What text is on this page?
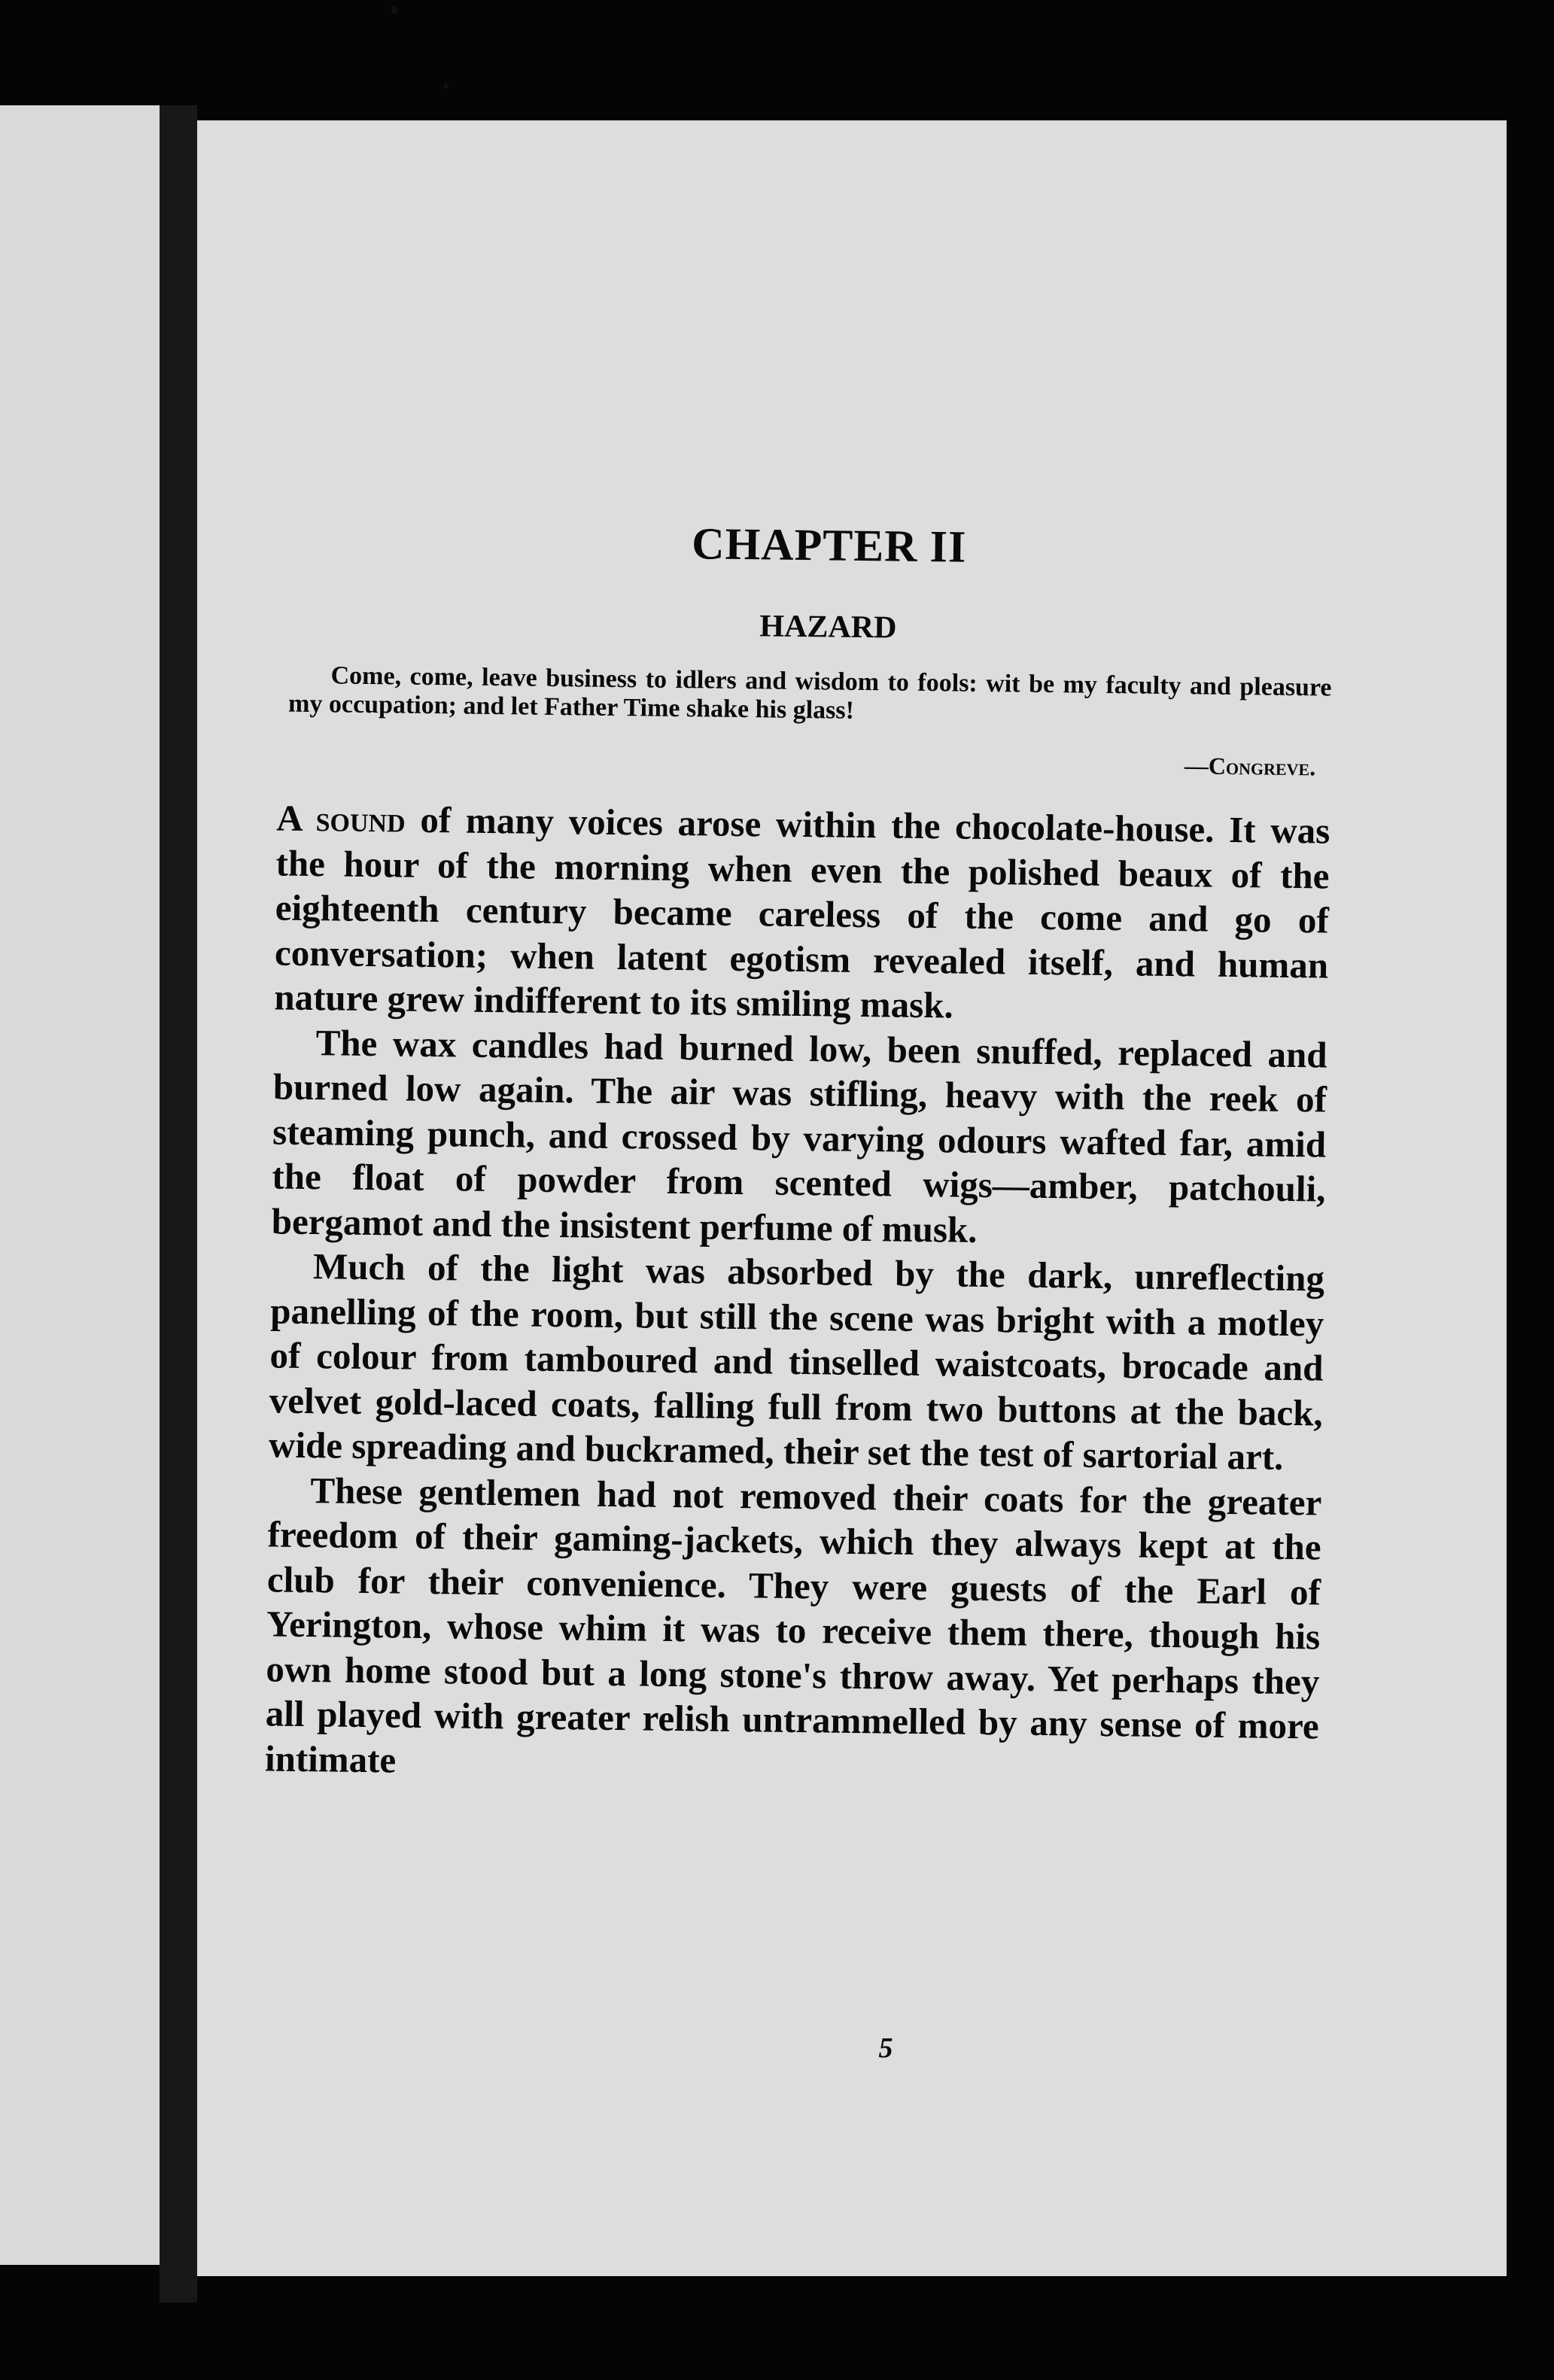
CHAPTER II
HAZARD

Come, come, leave business to idlers and wisdom to fools: wit be my faculty and pleasure my occupation; and let Father Time shake his glass!

—Congreve.

A sound of many voices arose within the chocolate-house. It was the hour of the morning when even the polished beaux of the eighteenth century became careless of the come and go of conversation; when latent egotism revealed itself, and human nature grew indifferent to its smiling mask.

The wax candles had burned low, been snuffed, replaced and burned low again. The air was stifling, heavy with the reek of steaming punch, and crossed by varying odours wafted far, amid the float of powder from scented wigs—amber, patchouli, bergamot and the insistent perfume of musk.

Much of the light was absorbed by the dark, unreflecting panelling of the room, but still the scene was bright with a motley of colour from tamboured and tinselled waistcoats, brocade and velvet gold-laced coats, falling full from two buttons at the back, wide spreading and buckramed, their set the test of sartorial art.

These gentlemen had not removed their coats for the greater freedom of their gaming-jackets, which they always kept at the club for their convenience. They were guests of the Earl of Yerington, whose whim it was to receive them there, though his own home stood but a long stone's throw away. Yet perhaps they all played with greater relish untrammelled by any sense of more intimate

5
